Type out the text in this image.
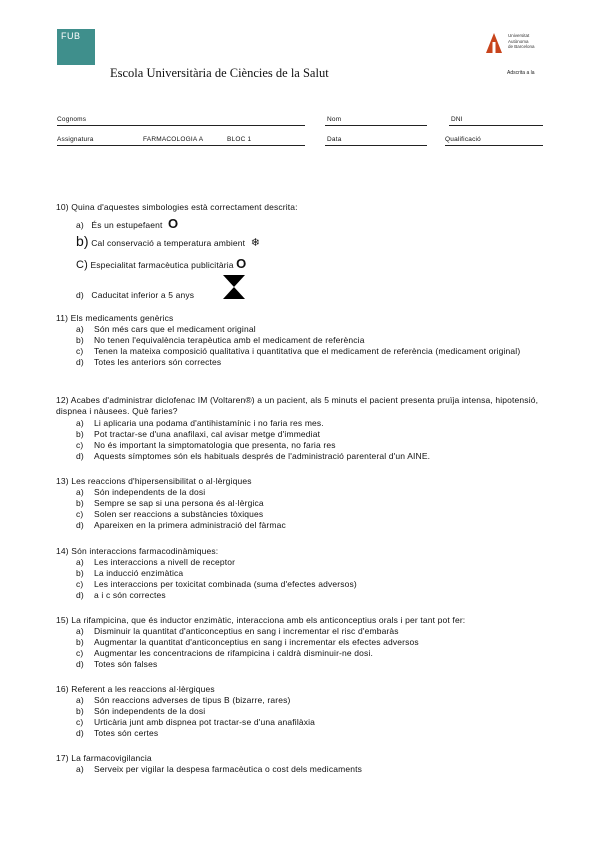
FUB
Escola Universitària de Ciències de la Salut
Universitat
Autònoma
de Barcelona
Adscrita a la
Cognoms	Nom	DNI
Assignatura	FARMACOLOGIA A	BLOC 1	Data	Qualificació
10) Quina d'aquestes simbologies està correctament descrita:
a) És un estupefaent O
b) Cal conservació a temperatura ambient ❄
C) Especialitat farmacèutica publicitària O
d) Caducitat inferior a 5 anys
11) Els medicaments genèrics
a) Són més cars que el medicament original
b) No tenen l'equivalència terapèutica amb el medicament de referència
c)	Tenen la mateixa composició qualitativa i quantitativa que el medicament de referència (medicament original)
d) Totes les anteriors són correctes
12) Acabes d'administrar diclofenac IM (Voltaren®) a un pacient, als 5 minuts el pacient presenta pruïja intensa, hipotensió, dispnea i nàusees. Què faries?
a) Li aplicaria una podama d'antihistamínic i no faria res mes.
b) Pot tractar-se d'una anafilaxi, cal avisar metge d'immediat
c) No és important la simptomatologia que presenta, no faria res
d) Aquests símptomes són els habituals després de l'administració parenteral d'un AINE.
13) Les reaccions d'hipersensibilitat o al·lèrgiques
a) Són independents de la dosi
b) Sempre se sap si una persona és al·lèrgica
c) Solen ser reaccions a substàncies tòxiques
d) Apareixen en la primera administració del fàrmac
14) Són interaccions farmacodinàmiques:
a) Les interaccions a nivell de receptor
b) La inducció enzimàtica
c) Les interaccions per toxicitat combinada (suma d'efectes adversos)
d) a i c són correctes
15) La rifampicina, que és inductor enzimàtic, interacciona amb els anticonceptius orals i per tant pot fer:
a) Disminuir la quantitat d'anticonceptius en sang i incrementar el risc d'embaràs
b) Augmentar la quantitat d'anticonceptius en sang i incrementar els efectes adversos
c) Augmentar les concentracions de rifampicina i caldrà disminuir-ne dosi.
d) Totes són falses
16) Referent a les reaccions al·lèrgiques
a) Són reaccions adverses de tipus B (bizarre, rares)
b) Són independents de la dosi
c) Urticària junt amb dispnea pot tractar-se d'una anafilàxia
d) Totes són certes
17) La farmacovigilancia
a) Serveix per vigilar la despesa farmacèutica o cost dels medicaments
